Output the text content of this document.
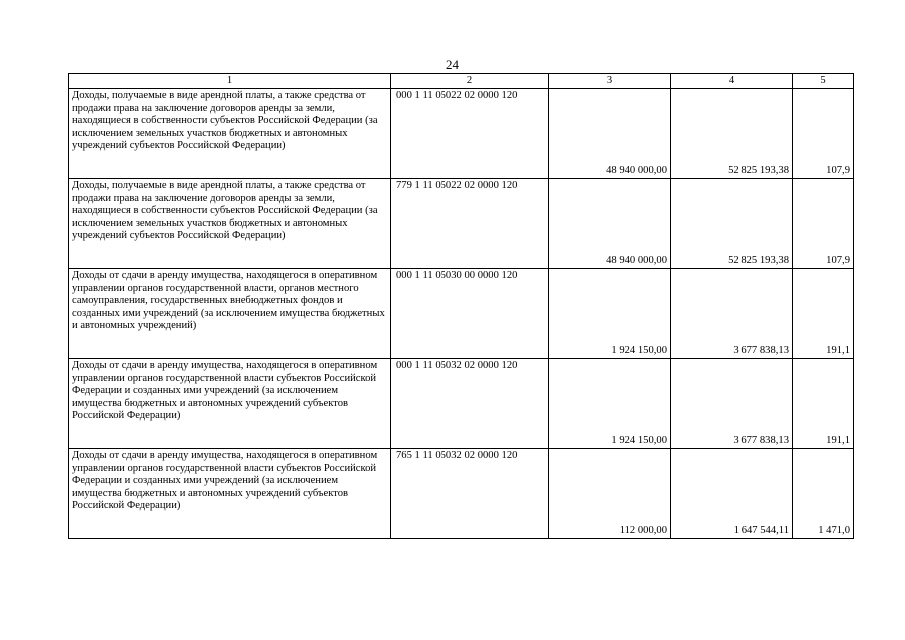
24
1	2	3	4	5
Доходы, получаемые в виде арендной платы, а также средства от продажи права на заключение договоров аренды за земли, находящиеся в собственности субъектов Российской Федерации (за исключением земельных участков бюджетных и автономных учреждений субъектов Российской Федерации)	000 1 11 05022 02 0000 120	48 940 000,00	52 825 193,38	107,9
Доходы, получаемые в виде арендной платы, а также средства от продажи права на заключение договоров аренды за земли, находящиеся в собственности субъектов Российской Федерации (за исключением земельных участков бюджетных и автономных учреждений субъектов Российской Федерации)	779 1 11 05022 02 0000 120	48 940 000,00	52 825 193,38	107,9
Доходы от сдачи в аренду имущества, находящегося в оперативном управлении органов государственной власти, органов местного самоуправления, государственных внебюджетных фондов и созданных ими учреждений (за исключением имущества бюджетных и автономных учреждений)	000 1 11 05030 00 0000 120	1 924 150,00	3 677 838,13	191,1
Доходы от сдачи в аренду имущества, находящегося в оперативном управлении органов государственной власти субъектов Российской Федерации и созданных ими учреждений (за исключением имущества бюджетных и автономных учреждений субъектов Российской Федерации)	000 1 11 05032 02 0000 120	1 924 150,00	3 677 838,13	191,1
Доходы от сдачи в аренду имущества, находящегося в оперативном управлении органов государственной власти субъектов Российской Федерации и созданных ими учреждений (за исключением имущества бюджетных и автономных учреждений субъектов Российской Федерации)	765 1 11 05032 02 0000 120	112 000,00	1 647 544,11	1 471,0
